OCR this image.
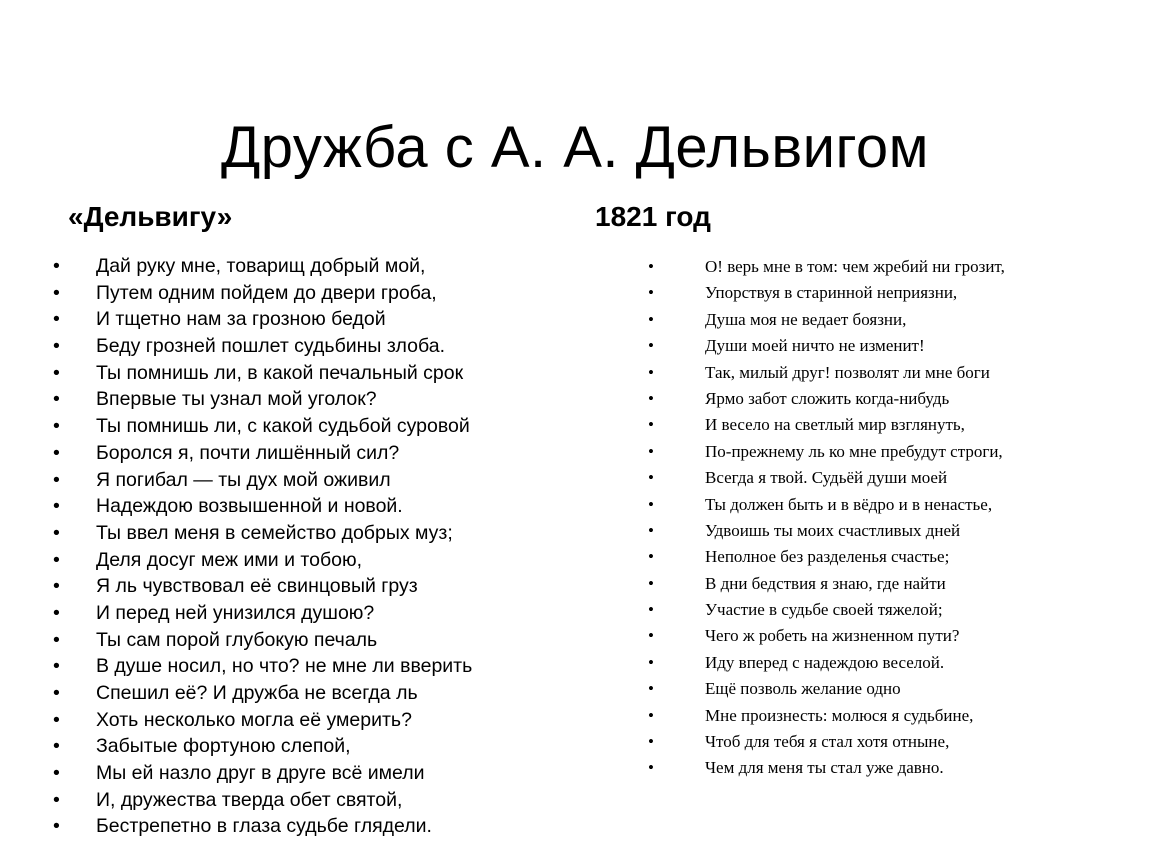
Дружба с А. А. Дельвигом
«Дельвигу»	1821 год
• Дай руку мне, товарищ добрый мой,
• Путем одним пойдем до двери гроба,
• И тщетно нам за грозною бедой
• Беду грозней пошлет судьбины злоба.
• Ты помнишь ли, в какой печальный срок
• Впервые ты узнал мой уголок?
• Ты помнишь ли, с какой судьбой суровой
• Боролся я, почти лишённый сил?
• Я погибал — ты дух мой оживил
• Надеждою возвышенной и новой.
• Ты ввел меня в семейство добрых муз;
• Деля досуг меж ими и тобою,
• Я ль чувствовал её свинцовый груз
• И перед ней унизился душою?
• Ты сам порой глубокую печаль
• В душе носил, но что? не мне ли вверить
• Спешил её? И дружба не всегда ль
• Хоть несколько могла её умерить?
• Забытые фортуною слепой,
• Мы ей назло друг в друге всё имели
• И, дружества тверда обет святой,
• Бестрепетно в глаза судьбе глядели.
•	О! верь мне в том: чем жребий ни грозит,
•	Упорствуя в старинной неприязни,
•	Душа моя не ведает боязни,
•	Души моей ничто не изменит!
•	Так, милый друг! позволят ли мне боги
•	Ярмо забот сложить когда-нибудь
•	И весело на светлый мир взглянуть,
•	По-прежнему ль ко мне пребудут строги,
•	Всегда я твой. Судьёй души моей
•	Ты должен быть и в вёдро и в ненастье,
•	Удвоишь ты моих счастливых дней
•	Неполное без разделенья счастье;
•	В дни бедствия я знаю, где найти
•	Участие в судьбе своей тяжелой;
•	Чего ж робеть на жизненном пути?
•	Иду вперед с надеждою веселой.
•	Ещё позволь желание одно
•	Мне произнесть: молюся я судьбине,
•	Чтоб для тебя я стал хотя отныне,
•	Чем для меня ты стал уже давно.
